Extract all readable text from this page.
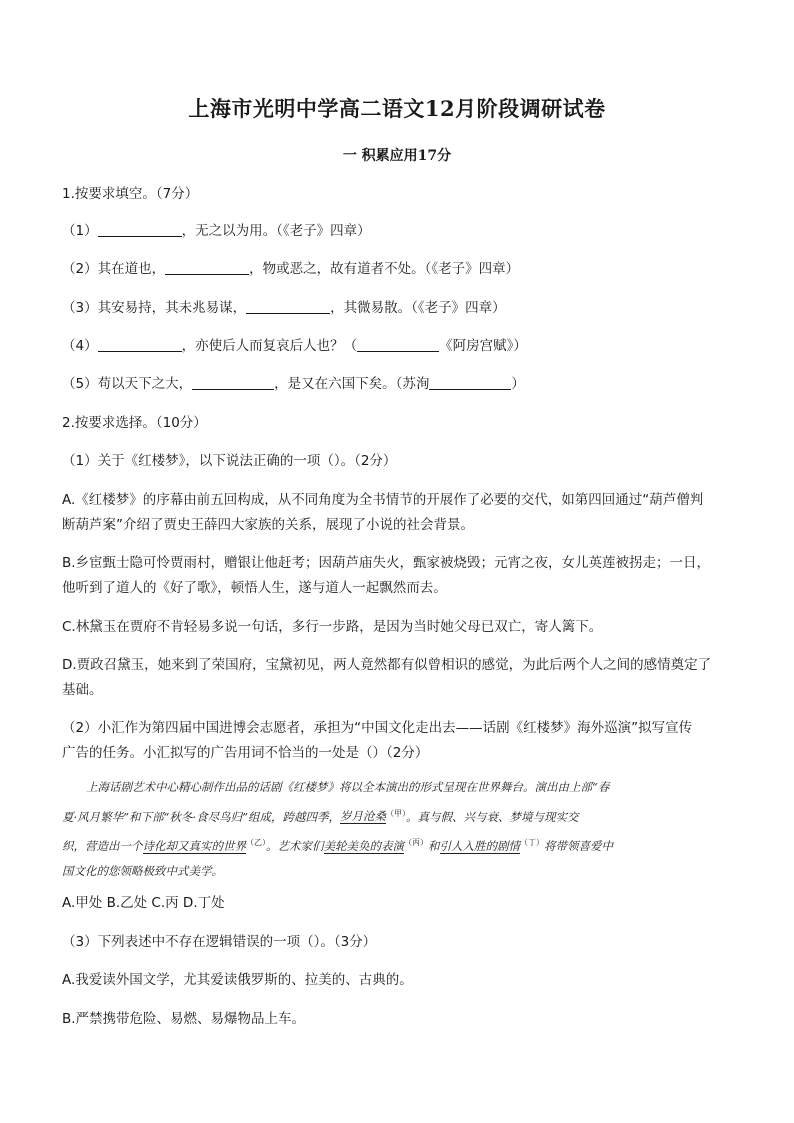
上海市光明中学高二语文12月阶段调研试卷
一 积累应用17分
1.按要求填空。（7分）
（1）	，无之以为用。（《老子》四章）
（2）其在道也，	，物或恶之，故有道者不处。（《老子》四章）
（3）其安易持，其未兆易谋，	，其微易散。（《老子》四章）
（4）	，亦使后人而复哀后人也？（	《阿房宫赋》）
（5）苟以天下之大，	，是又在六国下矣。（苏洵	）
2.按要求选择。（10分）
（1）关于《红楼梦》，以下说法正确的一项（）。（2分）
A.《红楼梦》的序幕由前五回构成，从不同角度为全书情节的开展作了必要的交代，如第四回通过“葫芦僧判
断葫芦案”介绍了贾史王薛四大家族的关系，展现了小说的社会背景。
B.乡宦甄士隐可怜贾雨村，赠银让他赶考；因葫芦庙失火，甄家被烧毁；元宵之夜，女儿英莲被拐走；一日，
他听到了道人的《好了歌》，顿悟人生，遂与道人一起飘然而去。
C.林黛玉在贾府不肯轻易多说一句话，多行一步路，是因为当时她父母已双亡，寄人篱下。
D.贾政召黛玉，她来到了荣国府，宝黛初见，两人竟然都有似曾相识的感觉，为此后两个人之间的感情奠定了
基础。
（2）小汇作为第四届中国进博会志愿者，承担为“中国文化走出去——话剧《红楼梦》海外巡演”拟写宣传
广告的任务。小汇拟写的广告用词不恰当的一处是（）（2分）

上海话剧艺术中心精心制作出品的话剧《红楼梦》将以全本演出的形式呈现在世界舞台。演出由上部“春

夏·风月繁华”和下部“秋冬·食尽鸟归”组成，跨越四季，岁月沧桑$^{(甲)}$。真与假、兴与衰、梦境与现实交

织，营造出一个诗化却又真实的世界$^{(乙)}$。艺术家们美轮美奂的表演$^{(丙)}$和引人入胜的剧情$^{(丁)}$将带领喜爱中

国文化的您领略极致中式美学。

A.甲处 B.乙处 C.丙 D.丁处
（3）下列表述中不存在逻辑错误的一项（）。（3分）
A.我爱读外国文学，尤其爱读俄罗斯的、拉美的、古典的。
B.严禁携带危险、易燃、易爆物品上车。
